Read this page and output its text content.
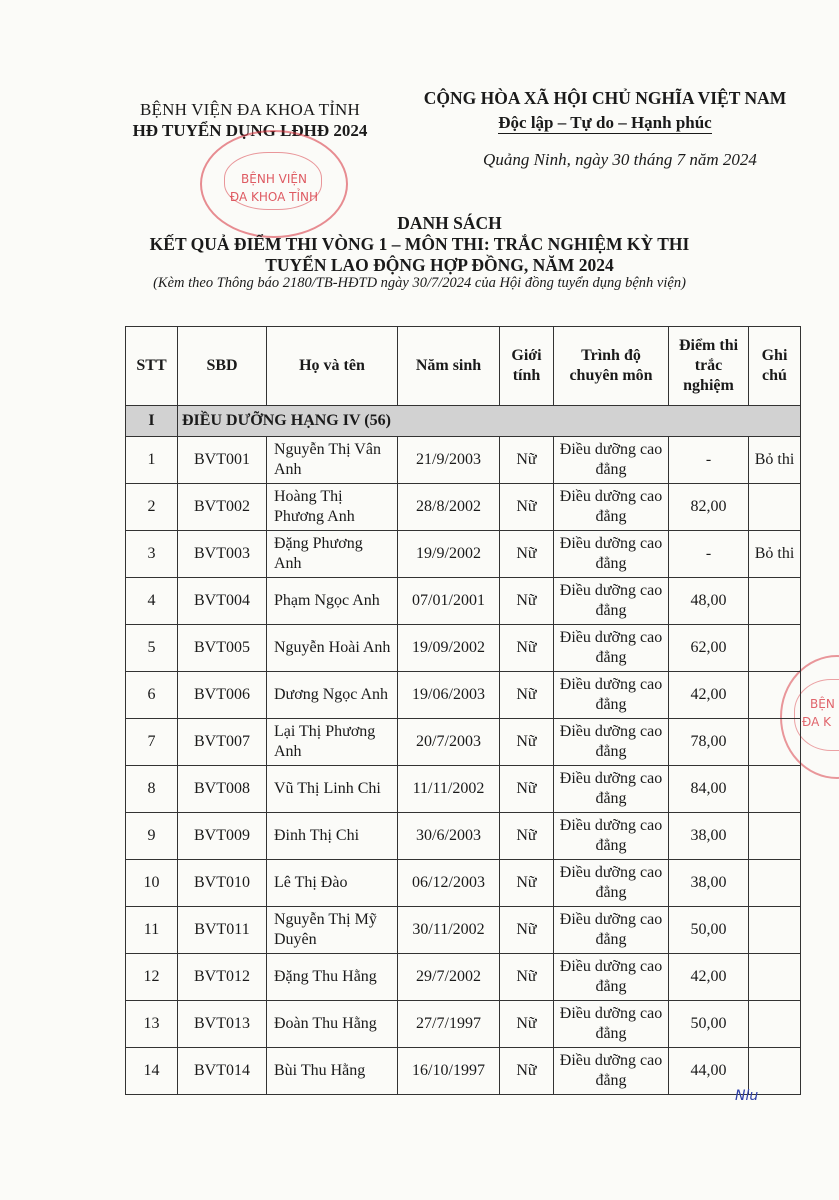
BỆNH VIỆN ĐA KHOA TỈNH
HĐ TUYỂN DỤNG LĐHĐ 2024
CỘNG HÒA XÃ HỘI CHỦ NGHĨA VIỆT NAM
Độc lập – Tự do – Hạnh phúc
Quảng Ninh, ngày 30 tháng 7 năm 2024
BỆNH VIỆN
ĐA KHOA TỈNH
BỆN
ĐA K
DANH SÁCH
KẾT QUẢ ĐIỂM THI VÒNG 1 – MÔN THI: TRẮC NGHIỆM KỲ THI
TUYỂN LAO ĐỘNG HỢP ĐỒNG, NĂM 2024
(Kèm theo Thông báo 2180/TB-HĐTD ngày 30/7/2024 của Hội đồng tuyển dụng bệnh viện)
STT	SBD	Họ và tên	Năm sinh	Giới tính	Trình độ chuyên môn	Điểm thi trắc nghiệm	Ghi chú
I	ĐIỀU DƯỠNG HẠNG IV (56)						
1	BVT001	Nguyễn Thị Vân Anh	21/9/2003	Nữ	Điều dưỡng cao đẳng	-	Bỏ thi
2	BVT002	Hoàng Thị Phương Anh	28/8/2002	Nữ	Điều dưỡng cao đẳng	82,00	
3	BVT003	Đặng Phương Anh	19/9/2002	Nữ	Điều dưỡng cao đẳng	-	Bỏ thi
4	BVT004	Phạm Ngọc Anh	07/01/2001	Nữ	Điều dưỡng cao đẳng	48,00	
5	BVT005	Nguyễn Hoài Anh	19/09/2002	Nữ	Điều dưỡng cao đẳng	62,00	
6	BVT006	Dương Ngọc Anh	19/06/2003	Nữ	Điều dưỡng cao đẳng	42,00	
7	BVT007	Lại Thị Phương Anh	20/7/2003	Nữ	Điều dưỡng cao đẳng	78,00	
8	BVT008	Vũ Thị Linh Chi	11/11/2002	Nữ	Điều dưỡng cao đẳng	84,00	
9	BVT009	Đinh Thị Chi	30/6/2003	Nữ	Điều dưỡng cao đẳng	38,00	
10	BVT010	Lê Thị Đào	06/12/2003	Nữ	Điều dưỡng cao đẳng	38,00	
11	BVT011	Nguyễn Thị Mỹ Duyên	30/11/2002	Nữ	Điều dưỡng cao đẳng	50,00	
12	BVT012	Đặng Thu Hằng	29/7/2002	Nữ	Điều dưỡng cao đẳng	42,00	
13	BVT013	Đoàn Thu Hằng	27/7/1997	Nữ	Điều dưỡng cao đẳng	50,00	
14	BVT014	Bùi Thu Hằng	16/10/1997	Nữ	Điều dưỡng cao đẳng	44,00	
Nlu
